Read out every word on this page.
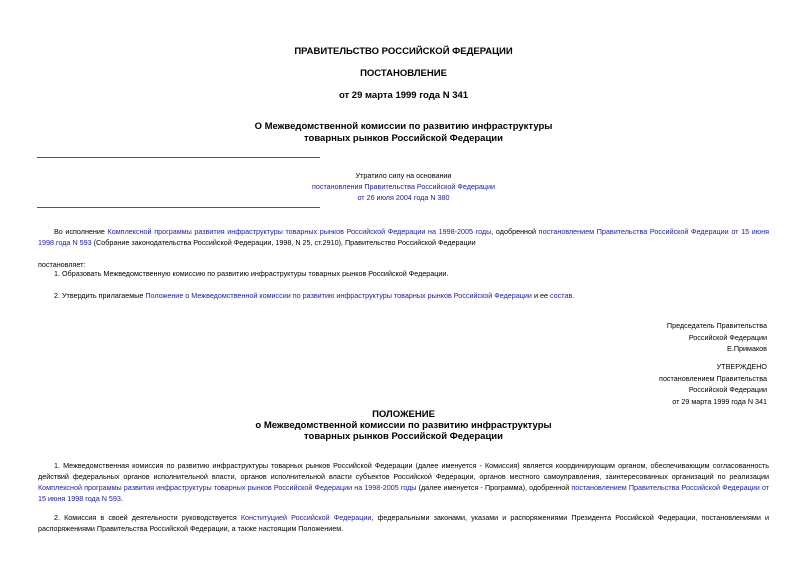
ПРАВИТЕЛЬСТВО РОССИЙСКОЙ ФЕДЕРАЦИИ
ПОСТАНОВЛЕНИЕ
от 29 марта 1999 года N 341
О Межведомственной комиссии по развитию инфраструктуры
товарных рынков Российской Федерации
Утратило силу на основании
постановления Правительства Российской Федерации
от 26 июля 2004 года N 380
Во исполнение Комплексной программы развития инфраструктуры товарных рынков Российской Федерации на 1998-2005 годы, одобренной постановлением Правительства Российской Федерации от 15 июня 1998 года N 593 (Собрание законодательства Российской Федерации, 1998, N 25, ст.2910), Правительство Российской Федерации
постановляет:
1. Образовать Межведомственную комиссию по развитию инфраструктуры товарных рынков Российской Федерации.
2. Утвердить прилагаемые Положение о Межведомственной комиссии по развитию инфраструктуры товарных рынков Российской Федерации и ее состав.
Председатель Правительства
Российской Федерации
Е.Примаков
УТВЕРЖДЕНО
постановлением Правительства
Российской Федерации
от 29 марта 1999 года N 341
ПОЛОЖЕНИЕ
о Межведомственной комиссии по развитию инфраструктуры
товарных рынков Российской Федерации
1. Межведомственная комиссия по развитию инфраструктуры товарных рынков Российской Федерации (далее именуется - Комиссия) является координирующим органом, обеспечивающим согласованность действий федеральных органов исполнительной власти, органов исполнительной власти субъектов Российской Федерации, органов местного самоуправления, заинтересованных организаций по реализации Комплексной программы развития инфраструктуры товарных рынков Российской Федерации на 1998-2005 годы (далее именуется - Программа), одобренной постановлением Правительства Российской Федерации от 15 июня 1998 года N 593.
2. Комиссия в своей деятельности руководствуется Конституцией Российской Федерации, федеральными законами, указами и распоряжениями Президента Российской Федерации, постановлениями и распоряжениями Правительства Российской Федерации, а также настоящим Положением.
